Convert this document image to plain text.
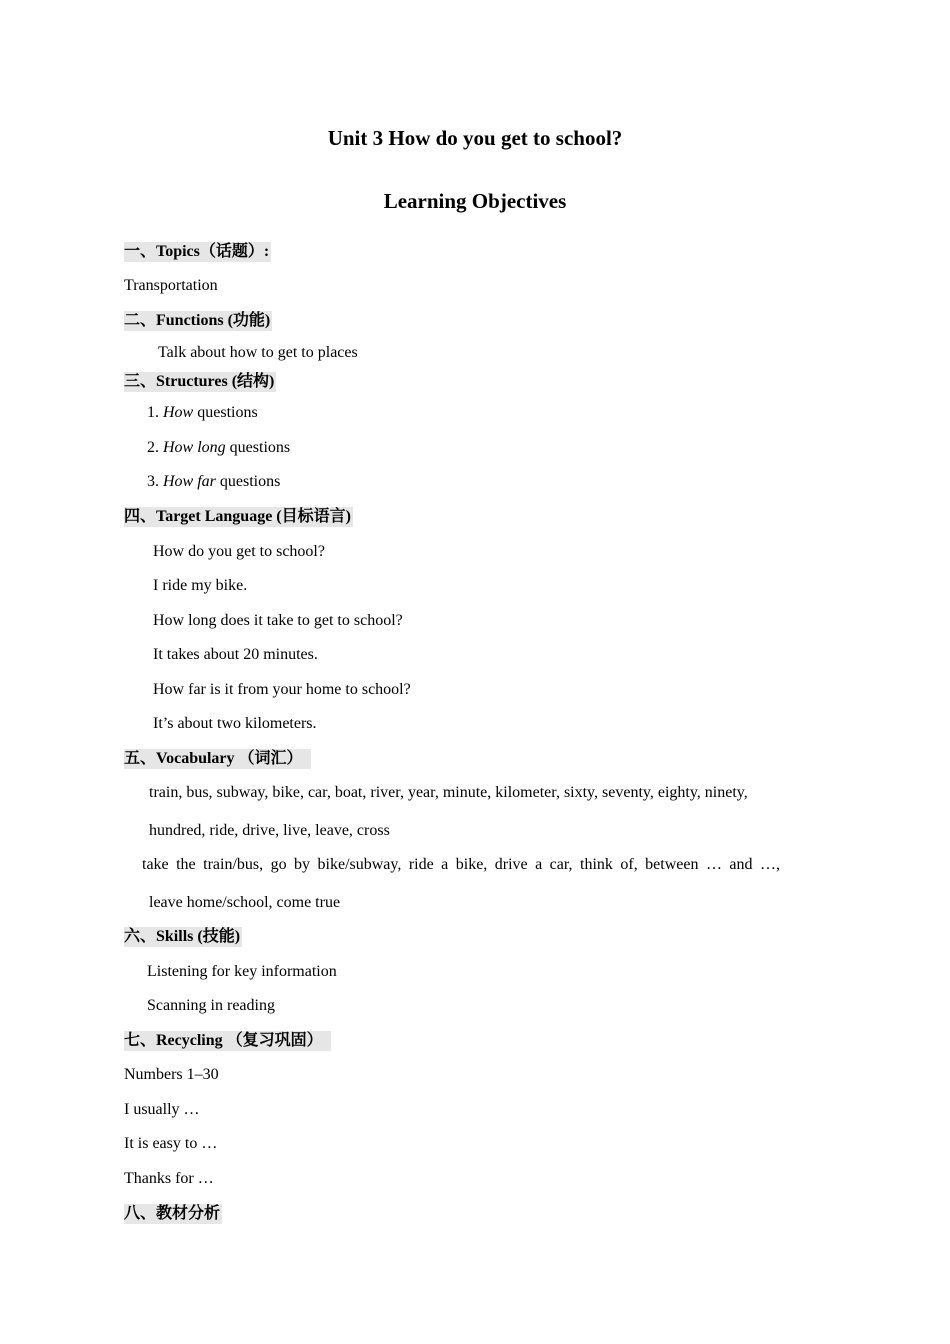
Unit 3 How do you get to school?
Learning Objectives
一、Topics（话题）:
Transportation
二、Functions (功能)
Talk about how to get to places
三、Structures (结构)
1. How questions
2. How long questions
3. How far questions
四、Target Language (目标语言)
How do you get to school?
I ride my bike.
How long does it take to get to school?
It takes about 20 minutes.
How far is it from your home to school?
It’s about two kilometers.
五、Vocabulary （词汇）
train, bus, subway, bike, car, boat, river, year, minute, kilometer, sixty, seventy, eighty, ninety,
hundred, ride, drive, live, leave, cross
take the train/bus, go by bike/subway, ride a bike, drive a car, think of, between … and …,
leave home/school, come true
六、Skills (技能)
Listening for key information
Scanning in reading
七、Recycling （复习巩固）
Numbers 1–30
I usually …
It is easy to …
Thanks for …
八、教材分析
